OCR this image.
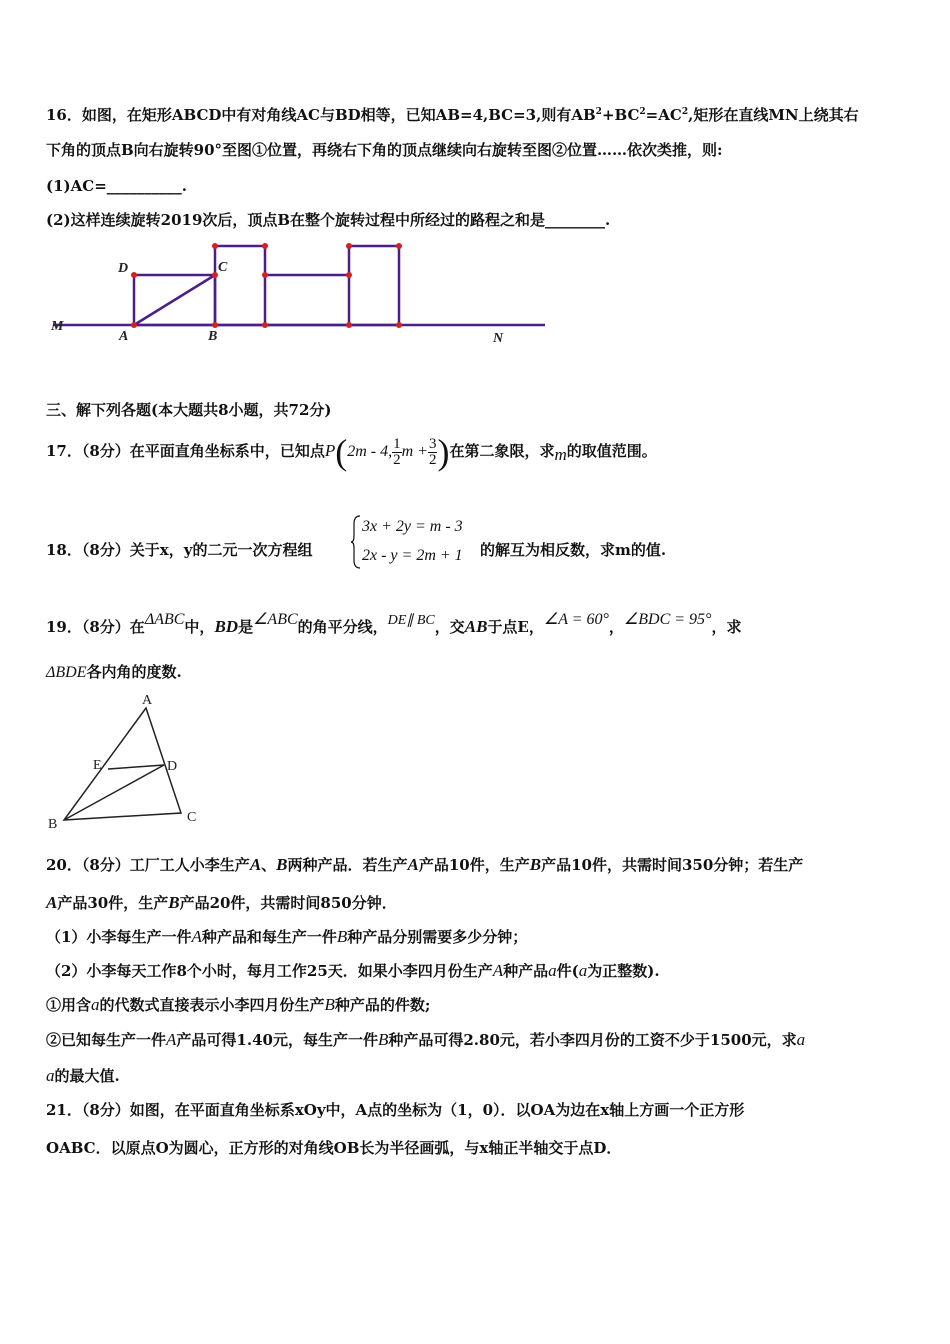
16．如图，在矩形ABCD中有对角线AC与BD相等，已知AB=4,BC=3,则有$AB^2+BC^2=AC^2$,矩形在直线MN上绕其右
下角的顶点B向右旋转90°至图①位置，再绕右下角的顶点继续向右旋转至图②位置……依次类推，则:
(1)AC=__________.
(2)这样连续旋转2019次后，顶点B在整个旋转过程中所经过的路程之和是________.
D	C
M
A	B	N
三、解下列各题(本大题共8小题，共72分)
17．（8分）在平面直角坐标系中，已知点P(2m - 4, $\frac{1}{2}$ $m + \frac{3}{2}$ )在第二象限，求m的取值范围。
18．（8分）关于x，y的二元一次方程组
3x + 2y = m - 3
2x - y = 2m + 1 的解互为相反数，求m的值.
19．（8分）在ΔABC中，BD是∠ABC的角平分线，DE∥ BC，交AB于点E，∠A = 60°，∠BDC = 95°，求
ΔBDE各内角的度数.
A
E	D
B	C
20．（8分）工厂工人小李生产A、B两种产品．若生产A产品10件，生产B产品10件，共需时间350分钟；若生产
A产品30件，生产B产品20件，共需时间850分钟．
（1）小李每生产一件A种产品和每生产一件B种产品分别需要多少分钟；
（2）小李每天工作8个小时，每月工作25天．如果小李四月份生产A种产品a件(a为正整数).
①用含a的代数式直接表示小李四月份生产B种产品的件数;
②已知每生产一件A产品可得1.40元，每生产一件B种产品可得2.80元，若小李四月份的工资不少于1500元，求a
a的最大值.
21．（8分）如图，在平面直角坐标系xOy中，A点的坐标为（1，0）．以OA为边在x轴上方画一个正方形
OABC．以原点O为圆心，正方形的对角线OB长为半径画弧，与x轴正半轴交于点D．
